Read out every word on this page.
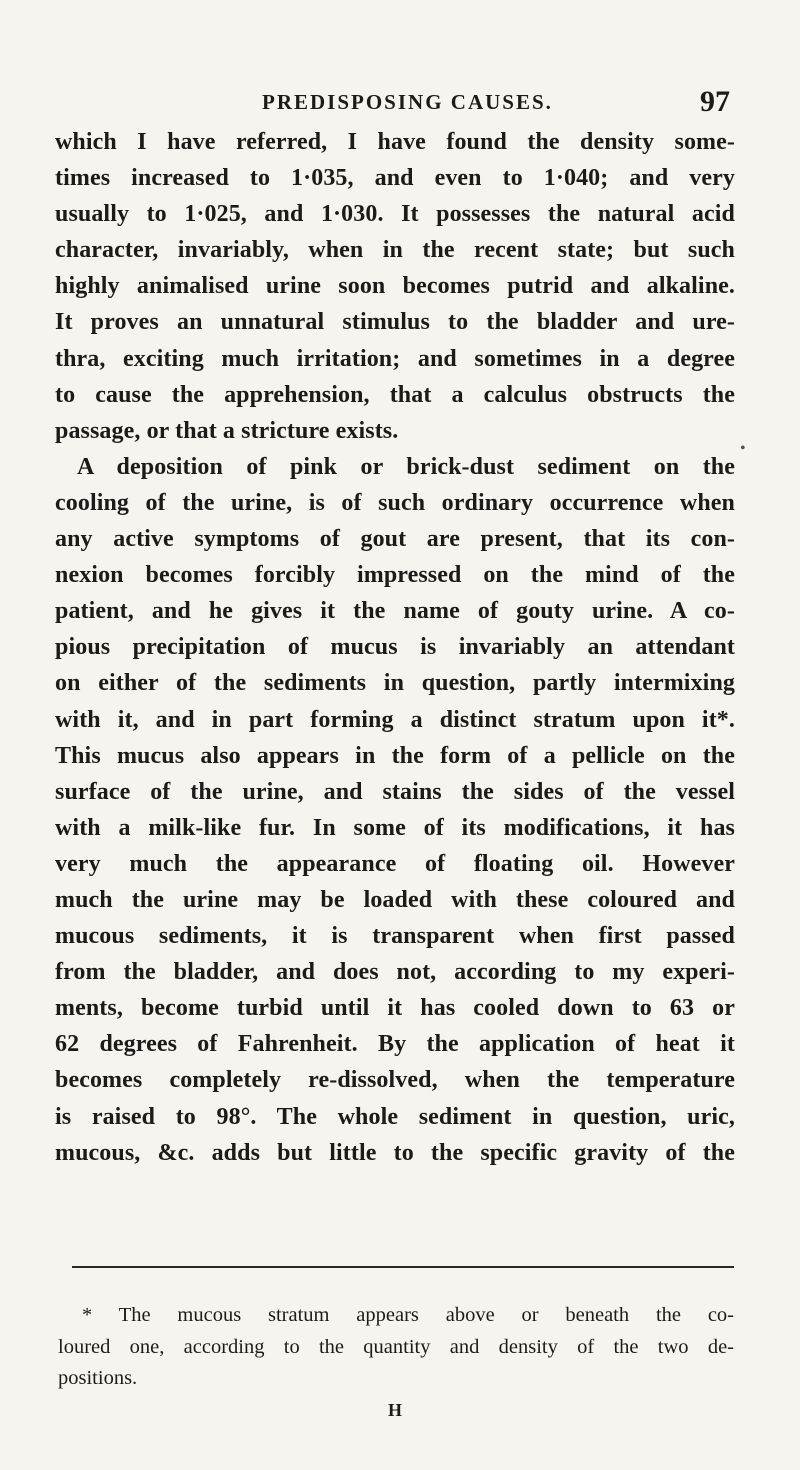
PREDISPOSING CAUSES.	97
which I have referred, I have found the density some-
times increased to 1·035, and even to 1·040; and very
usually to 1·025, and 1·030. It possesses the natural acid
character, invariably, when in the recent state; but such
highly animalised urine soon becomes putrid and alkaline.
It proves an unnatural stimulus to the bladder and ure-
thra, exciting much irritation; and sometimes in a degree
to cause the apprehension, that a calculus obstructs the
passage, or that a stricture exists.
A deposition of pink or brick-dust sediment on the
cooling of the urine, is of such ordinary occurrence when
any active symptoms of gout are present, that its con-
nexion becomes forcibly impressed on the mind of the
patient, and he gives it the name of gouty urine. A co-
pious precipitation of mucus is invariably an attendant
on either of the sediments in question, partly intermixing
with it, and in part forming a distinct stratum upon it*.
This mucus also appears in the form of a pellicle on the
surface of the urine, and stains the sides of the vessel
with a milk-like fur. In some of its modifications, it has
very much the appearance of floating oil. However
much the urine may be loaded with these coloured and
mucous sediments, it is transparent when first passed
from the bladder, and does not, according to my experi-
ments, become turbid until it has cooled down to 63 or
62 degrees of Fahrenheit. By the application of heat it
becomes completely re-dissolved, when the temperature
is raised to 98°. The whole sediment in question, uric,
mucous, &c. adds but little to the specific gravity of the
•
* The mucous stratum appears above or beneath the co-
loured one, according to the quantity and density of the two de-
positions.
H
